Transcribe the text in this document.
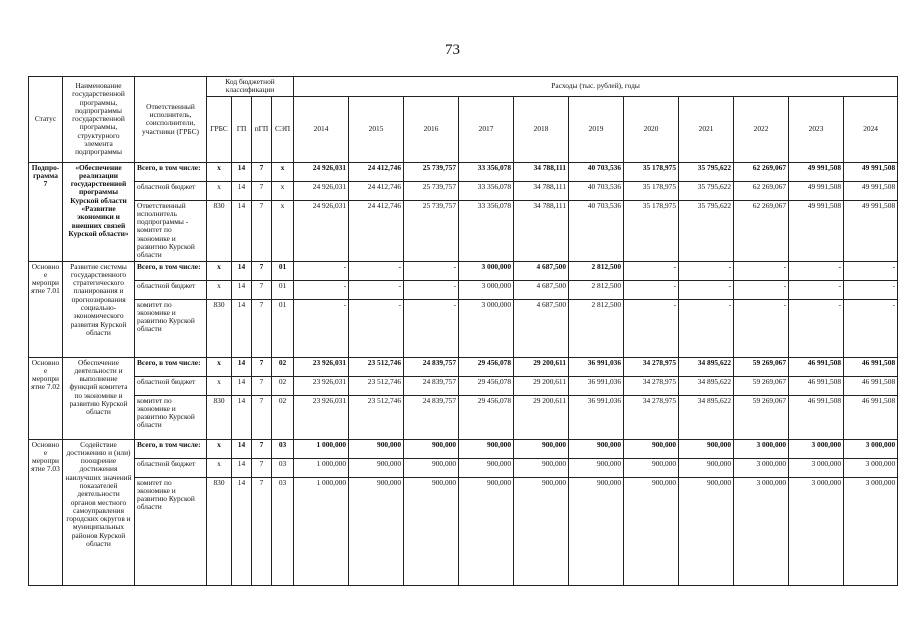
73
Статус	Наименование государственной программы, подпрограммы государственной программы, структурного элемента подпрограммы	Ответственный исполнитель, соисполнители, участники (ГРБС)	Код бюджетной классификации				Расходы (тыс. рублей), годы										
			ГРБС	ГП	пГП	СЭП	2014	2015	2016	2017	2018	2019	2020	2021	2022	2023	2024
Подпро-грамма 7	«Обеспечение реализации государственной программы Курской области «Развитие экономики и внешних связей Курской области»	Всего, в том числе:	х	14	7	х	24 926,031	24 412,746	25 739,757	33 356,078	34 788,111	40 703,536	35 178,975	35 795,622	62 269,067	49 991,508	49 991,508
		областной бюджет	х	14	7	х	24 926,031	24 412,746	25 739,757	33 356,078	34 788,111	40 703,536	35 178,975	35 795,622	62 269,067	49 991,508	49 991,508
		Ответственный исполнитель подпрограммы - комитет по экономике и развитию Курской области	830	14	7	х	24 926,031	24 412,746	25 739,757	33 356,078	34 788,111	40 703,536	35 178,975	35 795,622	62 269,067	49 991,508	49 991,508
Основное мероприятие 7.01	Развитие системы государственного стратегического планирования и прогнозирования социально-экономического развития Курской области	Всего, в том числе:	х	14	7	01	-	-	-	3 000,000	4 687,500	2 812,500	-	-	-	-	-
		областной бюджет	х	14	7	01	-	-	-	3 000,000	4 687,500	2 812,500	-	-	-	-	-
		комитет по экономике и развитию Курской области	830	14	7	01	-	-	-	3 000,000	4 687,500	2 812,500	-	-	-	-	-
Основное мероприятие 7.02	Обеспечение деятельности и выполнение функций комитета по экономике и развитию Курской области	Всего, в том числе:	х	14	7	02	23 926,031	23 512,746	24 839,757	29 456,078	29 200,611	36 991,036	34 278,975	34 895,622	59 269,067	46 991,508	46 991,508
		областной бюджет	х	14	7	02	23 926,031	23 512,746	24 839,757	29 456,078	29 200,611	36 991,036	34 278,975	34 895,622	59 269,067	46 991,508	46 991,508
		комитет по экономике и развитию Курской области	830	14	7	02	23 926,031	23 512,746	24 839,757	29 456,078	29 200,611	36 991,036	34 278,975	34 895,622	59 269,067	46 991,508	46 991,508
Основное мероприятие 7.03	Содействие достижению и (или) поощрение достижения наилучших значений показателей деятельности органов местного самоуправления городских округов и муниципальных районов Курской области	Всего, в том числе:	х	14	7	03	1 000,000	900,000	900,000	900,000	900,000	900,000	900,000	900,000	3 000,000	3 000,000	3 000,000
		областной бюджет	х	14	7	03	1 000,000	900,000	900,000	900,000	900,000	900,000	900,000	900,000	3 000,000	3 000,000	3 000,000
		комитет по экономике и развитию Курской области	830	14	7	03	1 000,000	900,000	900,000	900,000	900,000	900,000	900,000	900,000	3 000,000	3 000,000	3 000,000
